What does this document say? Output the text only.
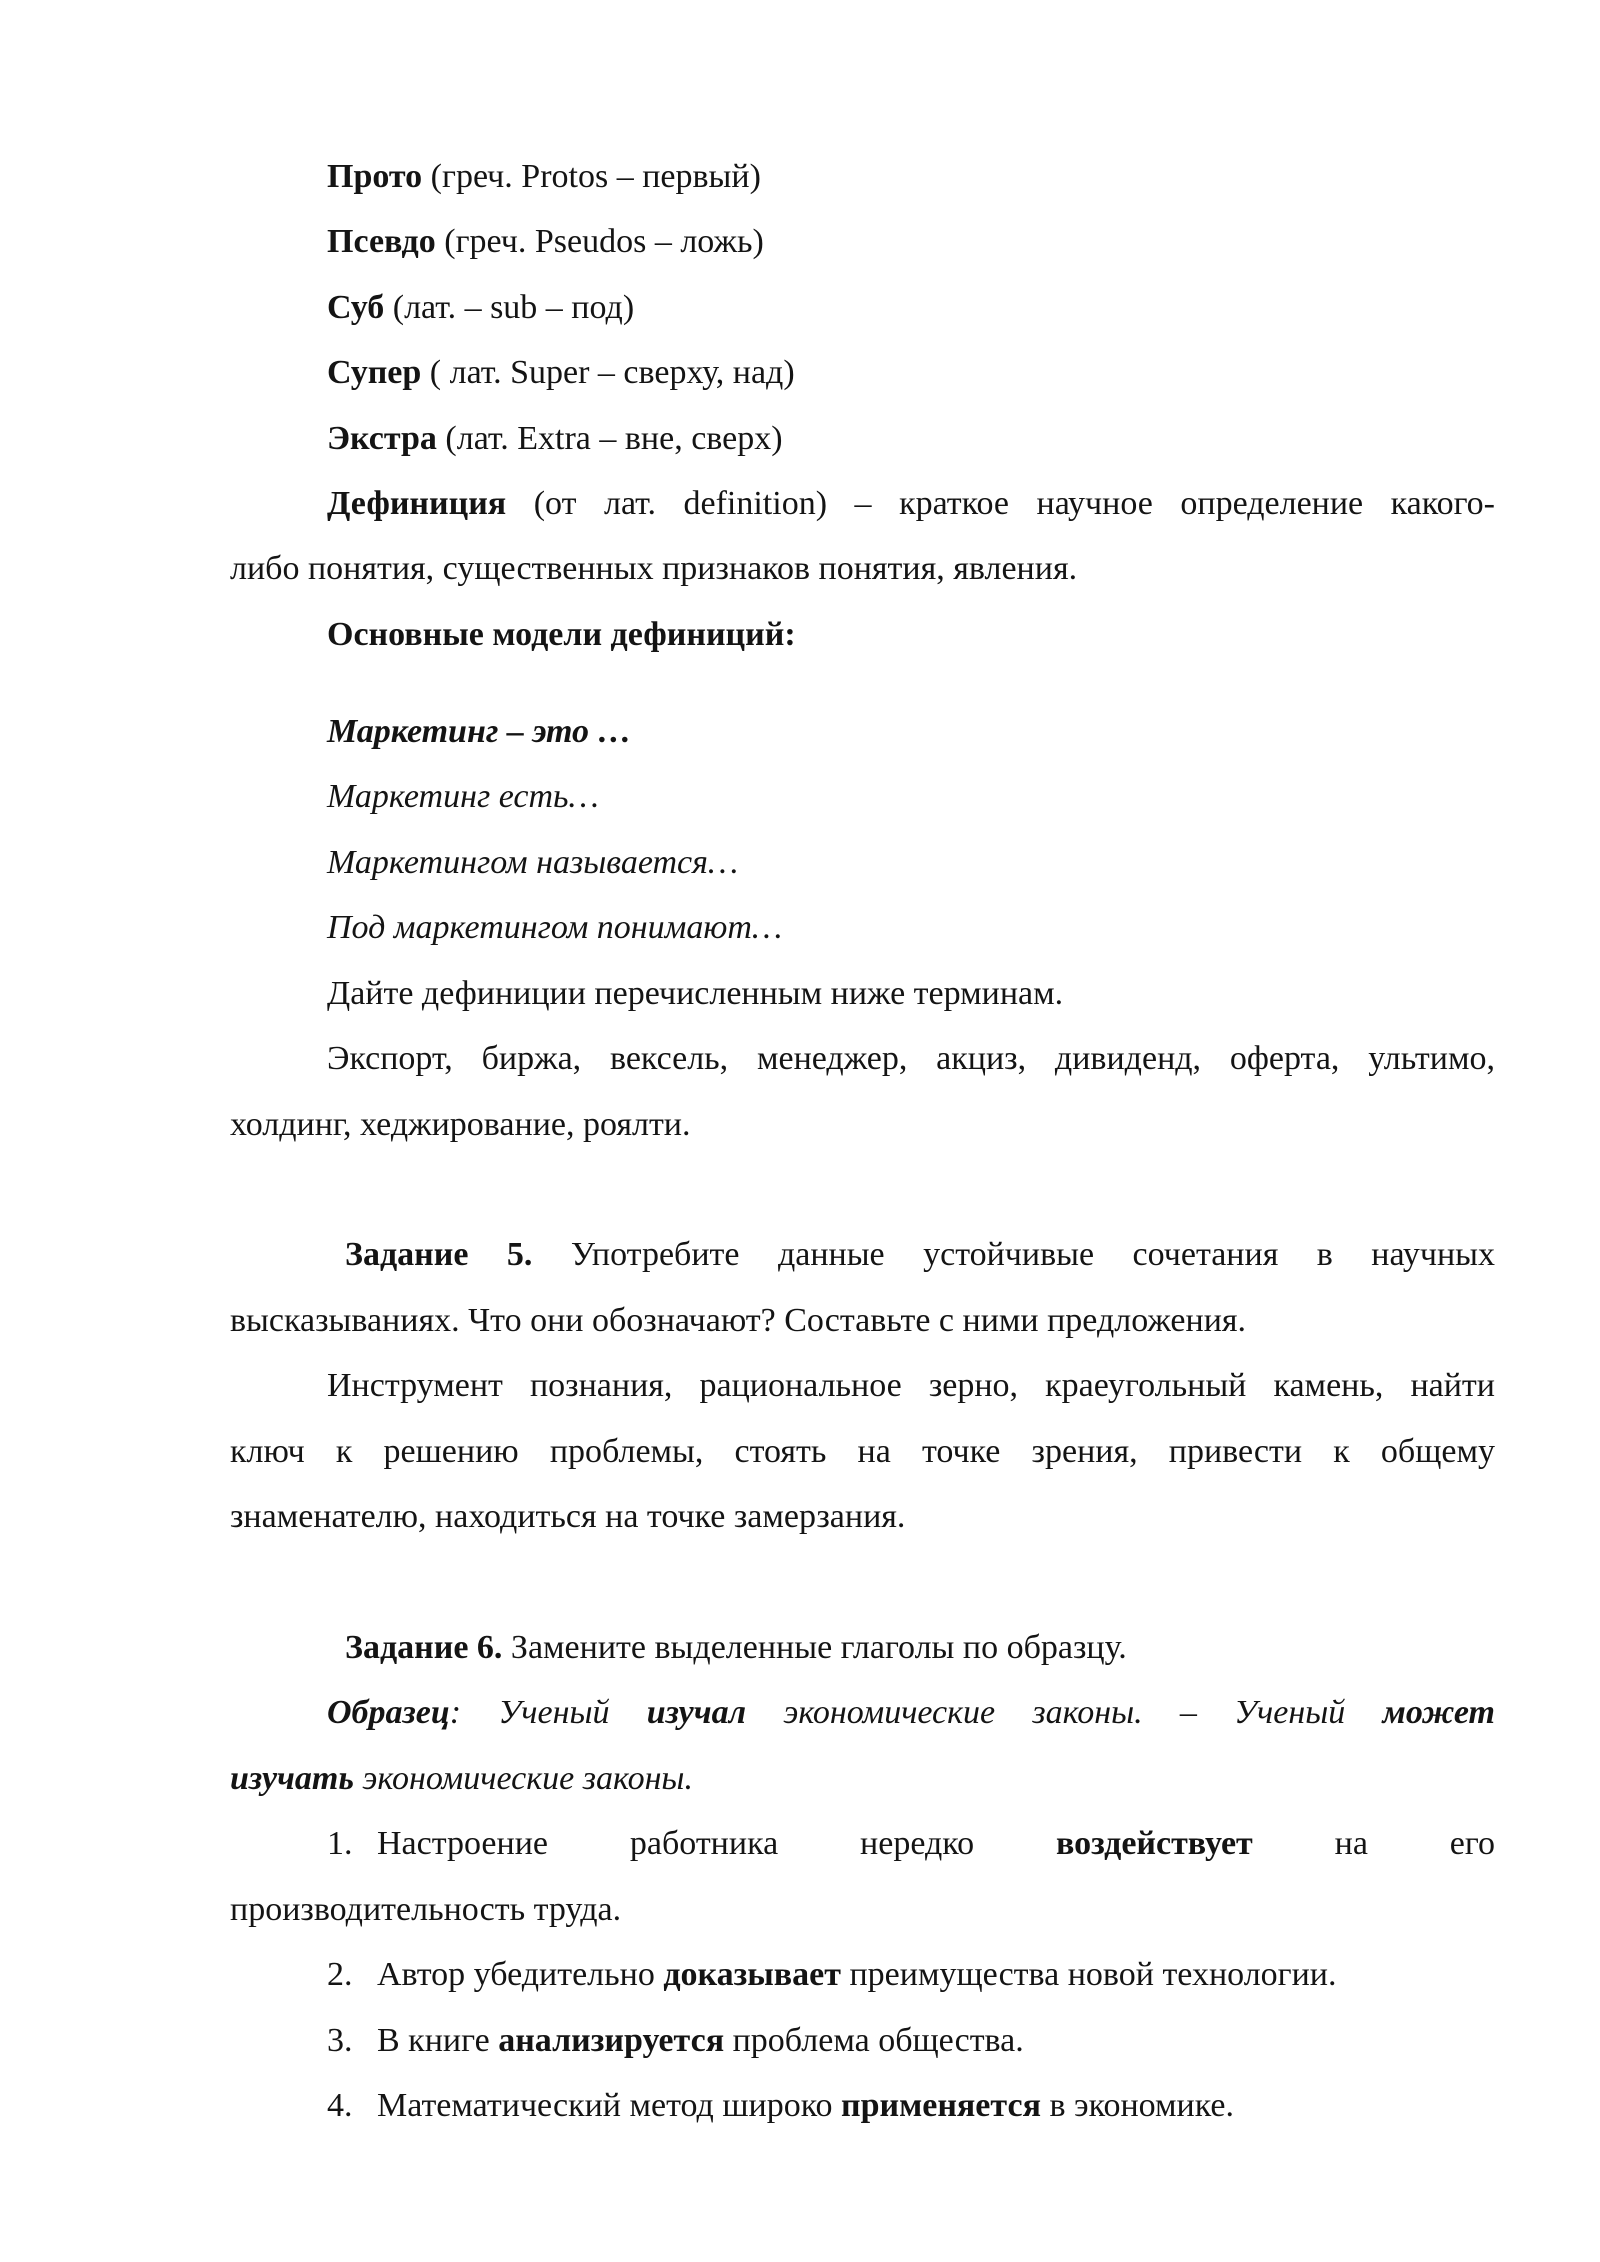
Прото (греч. Protos – первый)
Псевдо (греч. Pseudos – ложь)
Суб (лат. – sub – под)
Супер ( лат. Super – сверху, над)
Экстра (лат. Extra – вне, сверх)
Дефиниция (от лат. definition) – краткое научное определение какого-
либо понятия, существенных признаков понятия, явления.
Основные модели дефиниций:
Маркетинг – это …
Маркетинг есть…
Маркетингом называется…
Под маркетингом понимают…
Дайте дефиниции перечисленным ниже терминам.
Экспорт, биржа, вексель, менеджер, акциз, дивиденд, оферта, ультимо,
холдинг, хеджирование, роялти.
Задание 5. Употребите данные устойчивые сочетания в научных
высказываниях. Что они обозначают? Составьте с ними предложения.
Инструмент познания, рациональное зерно, краеугольный камень, найти
ключ к решению проблемы, стоять на точке зрения, привести к общему
знаменателю, находиться на точке замерзания.
Задание 6. Замените выделенные глаголы по образцу.
Образец: Ученый изучал экономические законы. – Ученый может
изучать экономические законы.
1. Настроение работника нередко воздействует на его
производительность труда.
2. Автор убедительно доказывает преимущества новой технологии.
3. В книге анализируется проблема общества.
4. Математический метод широко применяется в экономике.
